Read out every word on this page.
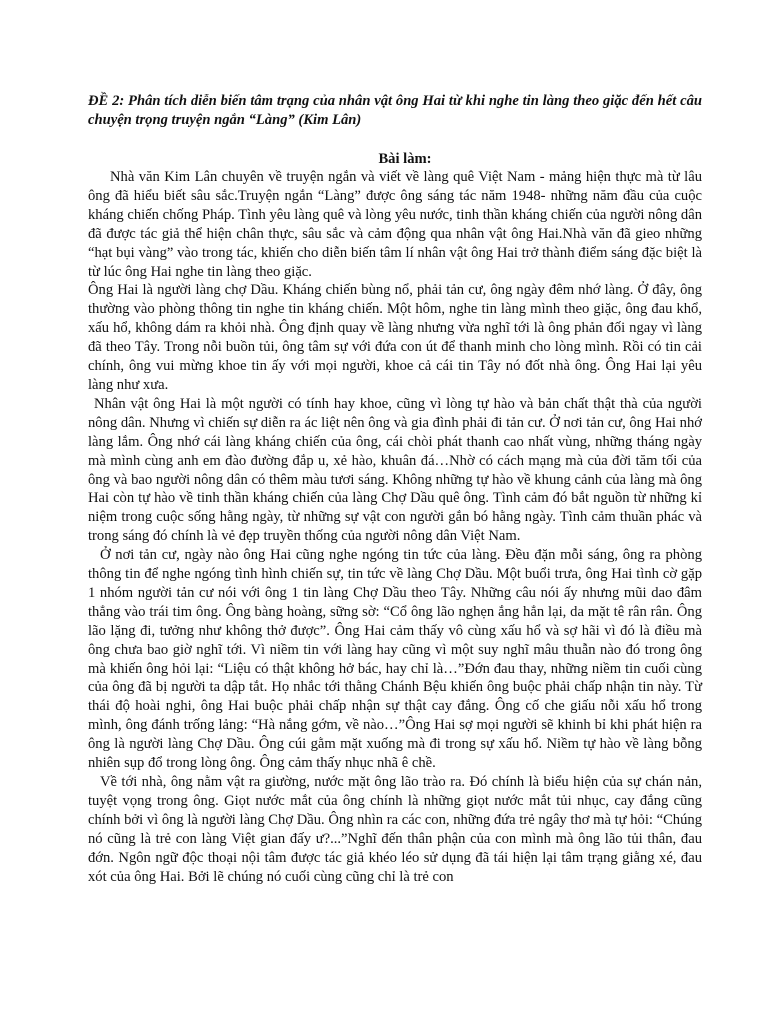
ĐỀ 2: Phân tích diễn biến tâm trạng của nhân vật ông Hai từ khi nghe tin làng theo giặc đến hết câu chuyện trọng truyện ngắn “Làng” (Kim Lân)

Bài làm:

Nhà văn Kim Lân chuyên về truyện ngắn và viết về làng quê Việt Nam - mảng hiện thực mà từ lâu ông đã hiểu biết sâu sắc.Truyện ngắn “Làng” được ông sáng tác năm 1948- những năm đầu của cuộc kháng chiến chống Pháp. Tình yêu làng quê và lòng yêu nước, tinh thần kháng chiến của người nông dân đã được tác giả thể hiện chân thực, sâu sắc và cảm động qua nhân vật ông Hai.Nhà văn đã gieo những “hạt bụi vàng” vào trong tác, khiến cho diễn biến tâm lí nhân vật ông Hai trở thành điểm sáng đặc biệt là từ lúc ông Hai nghe tin làng theo giặc.

Ông Hai là người làng chợ Dầu. Kháng chiến bùng nổ, phải tản cư, ông ngày đêm nhớ làng. Ở đây, ông thường vào phòng thông tin nghe tin kháng chiến. Một hôm, nghe tin làng mình theo giặc, ông đau khổ, xấu hổ, không dám ra khỏi nhà. Ông định quay về làng nhưng vừa nghĩ tới là ông phản đối ngay vì làng đã theo Tây. Trong nỗi buồn tủi, ông tâm sự với đứa con út để thanh minh cho lòng mình. Rồi có tin cải chính, ông vui mừng khoe tin ấy với mọi người, khoe cả cái tin Tây nó đốt nhà ông. Ông Hai lại yêu làng như xưa.

Nhân vật ông Hai là một người có tính hay khoe, cũng vì lòng tự hào và bản chất thật thà của người nông dân. Nhưng vì chiến sự diễn ra ác liệt nên ông và gia đình phải đi tản cư. Ở nơi tản cư, ông Hai nhớ làng lắm. Ông nhớ cái làng kháng chiến của ông, cái chòi phát thanh cao nhất vùng, những tháng ngày mà mình cùng anh em đào đường đắp u, xẻ hào, khuân đá…Nhờ có cách mạng mà của đời tăm tối của ông và bao người nông dân có thêm màu tươi sáng. Không những tự hào về khung cảnh của làng mà ông Hai còn tự hào về tinh thần kháng chiến của làng Chợ Dầu quê ông. Tình cảm đó bắt nguồn từ những kỉ niệm trong cuộc sống hằng ngày, từ những sự vật con người gắn bó hằng ngày. Tình cảm thuần phác và trong sáng đó chính là vẻ đẹp truyền thống của người nông dân Việt Nam.

Ở nơi tản cư, ngày nào ông Hai cũng nghe ngóng tin tức của làng. Đều đặn mỗi sáng, ông ra phòng thông tin để nghe ngóng tình hình chiến sự, tin tức về làng Chợ Dầu. Một buổi trưa, ông Hai tình cờ gặp 1 nhóm người tản cư nói với ông 1 tin làng Chợ Dầu theo Tây. Những câu nói ấy nhưng mũi dao đâm thẳng vào trái tim ông. Ông bàng hoàng, sững sờ: “Cổ ông lão nghẹn ắng hẳn lại, da mặt tê rân rân. Ông lão lặng đi, tưởng như không thở được”. Ông Hai cảm thấy vô cùng xấu hổ và sợ hãi vì đó là điều mà ông chưa bao giờ nghĩ tới. Vì niềm tin với làng hay cũng vì một suy nghĩ mâu thuẫn nào đó trong ông mà khiến ông hỏi lại: “Liệu có thật không hở bác, hay chỉ là…”Đớn đau thay, những niềm tin cuối cùng của ông đã bị người ta dập tắt. Họ nhắc tới thằng Chánh Bệu khiến ông buộc phải chấp nhận tin này. Từ thái độ hoài nghi, ông Hai buộc phải chấp nhận sự thật cay đắng. Ông cố che giấu nỗi xấu hổ trong mình, ông đánh trống lảng: “Hà nắng gớm, về nào…”Ông Hai sợ mọi người sẽ khinh bỉ khi phát hiện ra ông là người làng Chợ Dầu. Ông cúi gằm mặt xuống mà đi trong sự xấu hổ. Niềm tự hào về làng bỗng nhiên sụp đổ trong lòng ông. Ông cảm thấy nhục nhã ê chề.

Về tới nhà, ông nằm vật ra giường, nước mặt ông lão trào ra. Đó chính là biểu hiện của sự chán nản, tuyệt vọng trong ông. Giọt nước mắt của ông chính là những giọt nước mắt tủi nhục, cay đắng cũng chính bởi vì ông là người làng Chợ Dầu. Ông nhìn ra các con, những đứa trẻ ngây thơ mà tự hỏi: “Chúng nó cũng là trẻ con làng Việt gian đấy ư?...”Nghĩ đến thân phận của con mình mà ông lão tủi thân, đau đớn. Ngôn ngữ độc thoại nội tâm được tác giả khéo léo sử dụng đã tái hiện lại tâm trạng giằng xé, đau xót của ông Hai. Bởi lẽ chúng nó cuối cùng cũng chỉ là trẻ con
